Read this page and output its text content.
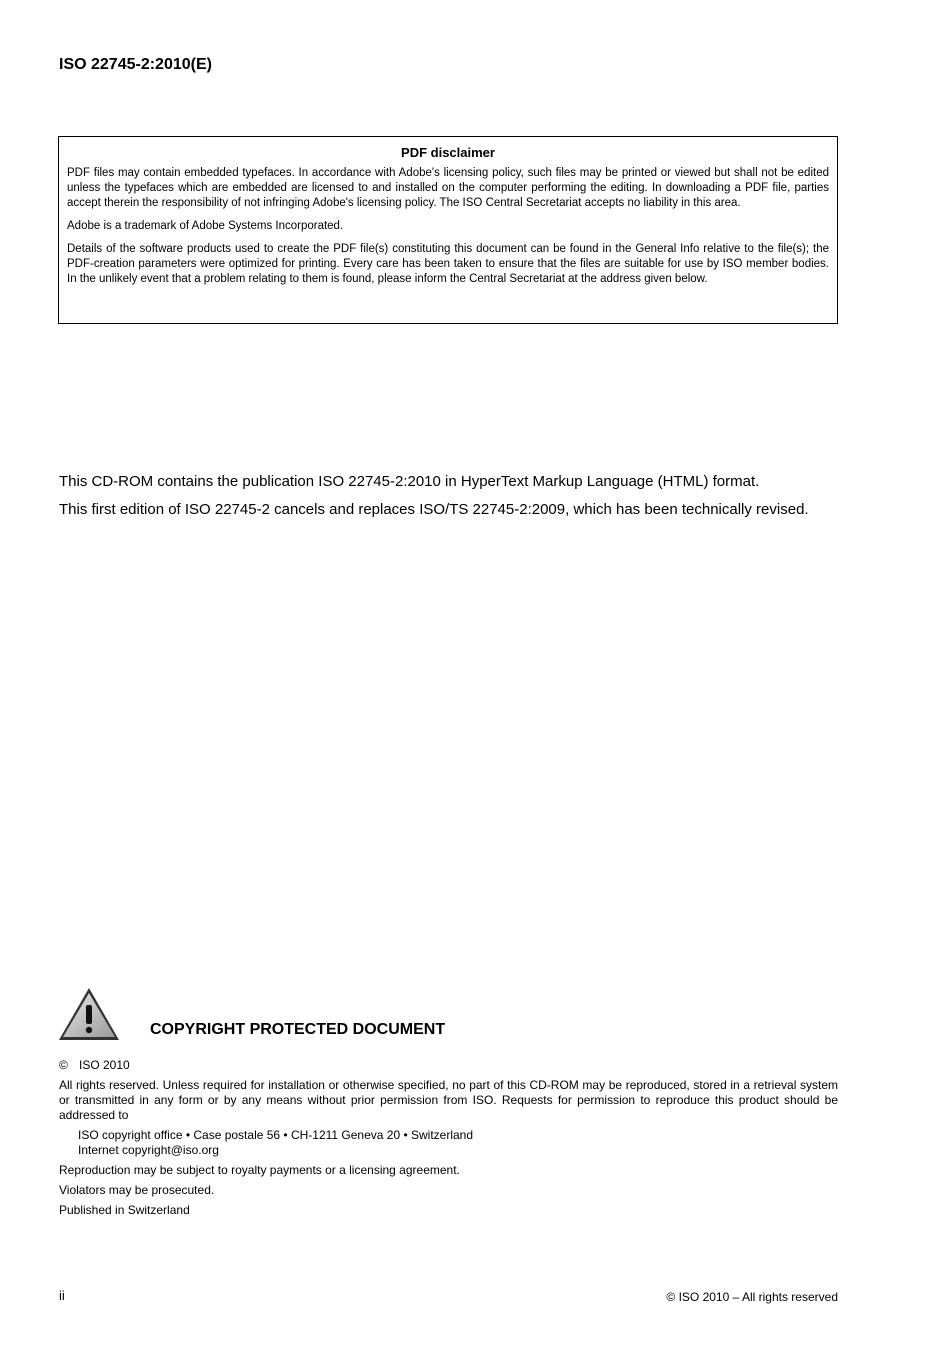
ISO 22745-2:2010(E)
PDF disclaimer

PDF files may contain embedded typefaces. In accordance with Adobe's licensing policy, such files may be printed or viewed but shall not be edited unless the typefaces which are embedded are licensed to and installed on the computer performing the editing. In downloading a PDF file, parties accept therein the responsibility of not infringing Adobe's licensing policy. The ISO Central Secretariat accepts no liability in this area.

Adobe is a trademark of Adobe Systems Incorporated.

Details of the software products used to create the PDF file(s) constituting this document can be found in the General Info relative to the file(s); the PDF-creation parameters were optimized for printing. Every care has been taken to ensure that the files are suitable for use by ISO member bodies. In the unlikely event that a problem relating to them is found, please inform the Central Secretariat at the address given below.

This CD-ROM contains the publication ISO 22745-2:2010 in HyperText Markup Language (HTML) format.

This first edition of ISO 22745-2 cancels and replaces ISO/TS 22745-2:2009, which has been technically revised.

COPYRIGHT PROTECTED DOCUMENT

© ISO 2010

All rights reserved. Unless required for installation or otherwise specified, no part of this CD-ROM may be reproduced, stored in a retrieval system or transmitted in any form or by any means without prior permission from ISO. Requests for permission to reproduce this product should be addressed to

ISO copyright office • Case postale 56 • CH-1211 Geneva 20 • Switzerland
Internet copyright@iso.org

Reproduction may be subject to royalty payments or a licensing agreement.

Violators may be prosecuted.

Published in Switzerland

ii	© ISO 2010 – All rights reserved
